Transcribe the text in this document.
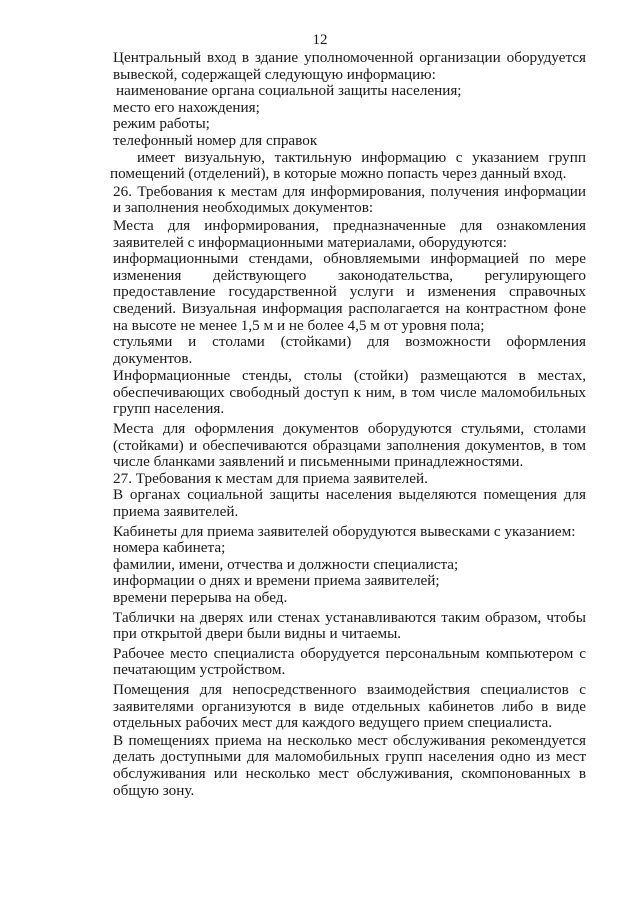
12

Центральный вход в здание уполномоченной организации оборудуется вывеской, содержащей следующую информацию:

наименование органа социальной защиты населения;

место его нахождения;

режим работы;

телефонный номер для справок

имеет визуальную, тактильную информацию с указанием групп помещений (отделений), в которые можно попасть через данный вход.

26. Требования к местам для информирования, получения информации и заполнения необходимых документов:

Места для информирования, предназначенные для ознакомления заявителей с информационными материалами, оборудуются:

информационными стендами, обновляемыми информацией по мере изменения действующего законодательства, регулирующего предоставление государственной услуги и изменения справочных сведений. Визуальная информация располагается на контрастном фоне на высоте не менее 1,5 м и не более 4,5 м от уровня пола;

стульями и столами (стойками) для возможности оформления документов.

Информационные стенды, столы (стойки) размещаются в местах, обеспечивающих свободный доступ к ним, в том числе маломобильных групп населения.

Места для оформления документов оборудуются стульями, столами (стойками) и обеспечиваются образцами заполнения документов, в том числе бланками заявлений и письменными принадлежностями.

27. Требования к местам для приема заявителей.

В органах социальной защиты населения выделяются помещения для приема заявителей.

Кабинеты для приема заявителей оборудуются вывесками с указанием:

номера кабинета;

фамилии, имени, отчества и должности специалиста;

информации о днях и времени приема заявителей;

времени перерыва на обед.

Таблички на дверях или стенах устанавливаются таким образом, чтобы при открытой двери были видны и читаемы.

Рабочее место специалиста оборудуется персональным компьютером с печатающим устройством.

Помещения для непосредственного взаимодействия специалистов с заявителями организуются в виде отдельных кабинетов либо в виде отдельных рабочих мест для каждого ведущего прием специалиста.

В помещениях приема на несколько мест обслуживания рекомендуется делать доступными для маломобильных групп населения одно из мест обслуживания или несколько мест обслуживания, скомпонованных в общую зону.
